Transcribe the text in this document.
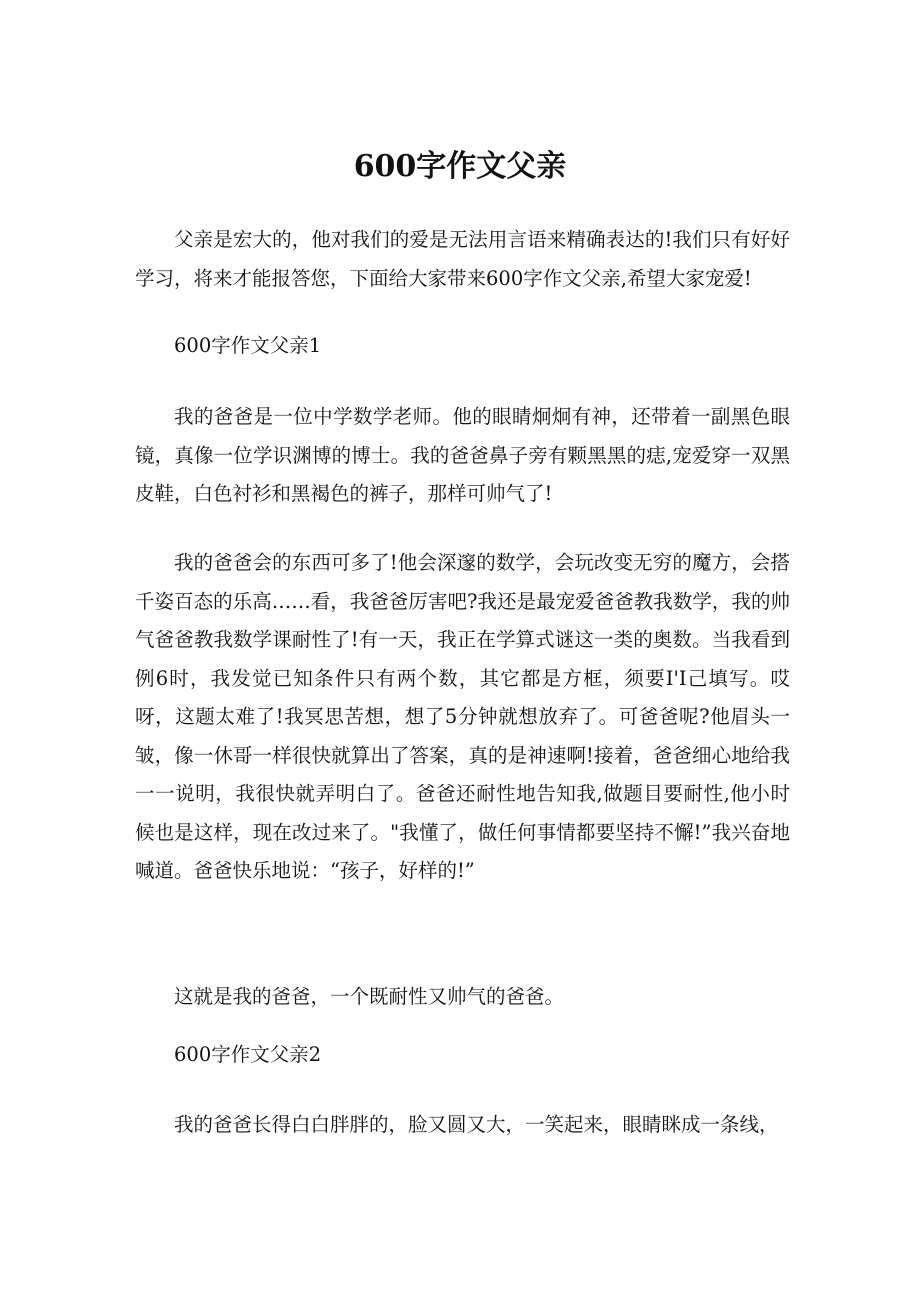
600字作文父亲

父亲是宏大的，他对我们的爱是无法用言语来精确表达的!我们只有好好学习，将来才能报答您，下面给大家带来600字作文父亲,希望大家宠爱!

600字作文父亲1

我的爸爸是一位中学数学老师。他的眼睛炯炯有神，还带着一副黑色眼镜，真像一位学识渊博的博士。我的爸爸鼻子旁有颗黑黑的痣,宠爱穿一双黑皮鞋，白色衬衫和黑褐色的裤子，那样可帅气了!

我的爸爸会的东西可多了!他会深邃的数学，会玩改变无穷的魔方，会搭千姿百态的乐高……看，我爸爸厉害吧?我还是最宠爱爸爸教我数学，我的帅气爸爸教我数学课耐性了!有一天，我正在学算式谜这一类的奥数。当我看到例6时，我发觉已知条件只有两个数，其它都是方框，须要I'I己填写。哎呀，这题太难了!我冥思苦想，想了5分钟就想放弃了。可爸爸呢?他眉头一皱，像一休哥一样很快就算出了答案，真的是神速啊!接着，爸爸细心地给我一一说明，我很快就弄明白了。爸爸还耐性地告知我,做题目要耐性,他小时候也是这样，现在改过来了。"我懂了，做任何事情都要坚持不懈!”我兴奋地喊道。爸爸快乐地说：“孩子，好样的!”

这就是我的爸爸，一个既耐性又帅气的爸爸。

600字作文父亲2

我的爸爸长得白白胖胖的，脸又圆又大，一笑起来，眼睛眯成一条线，
